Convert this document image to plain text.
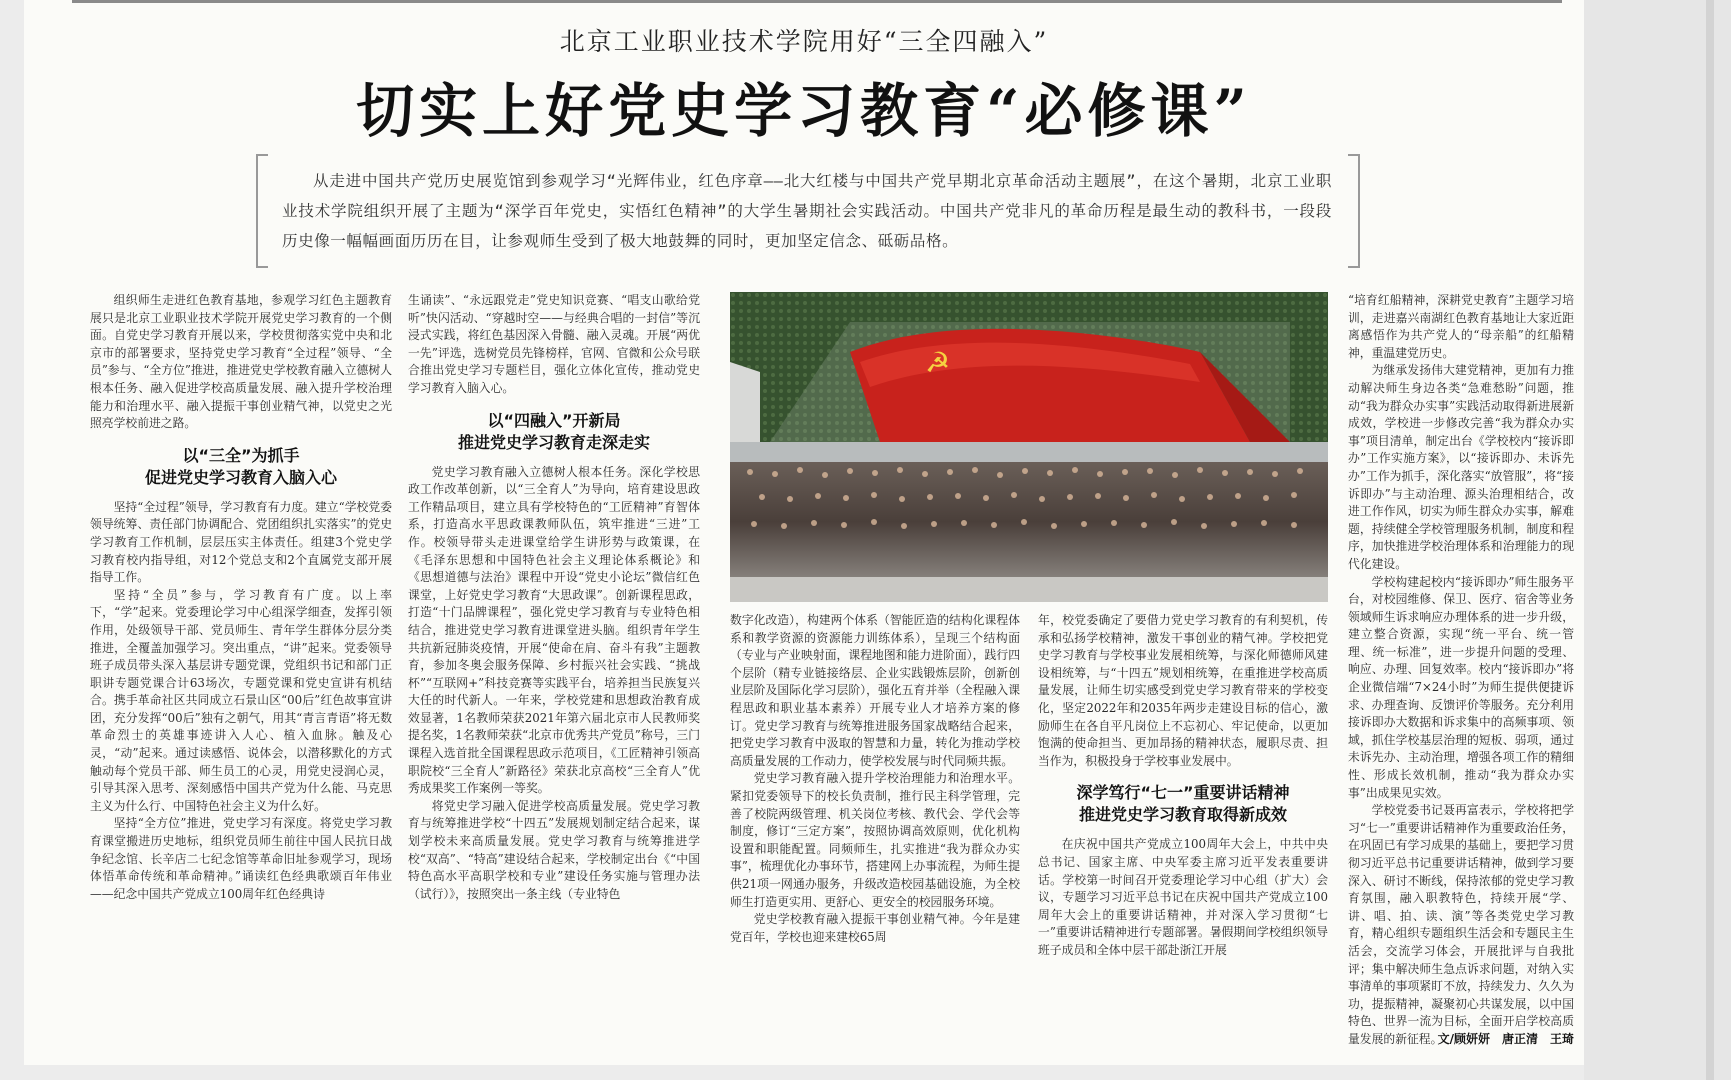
北京工业职业技术学院用好“三全四融入”
切实上好党史学习教育“必修课”

从走进中国共产党历史展览馆到参观学习“光辉伟业，红色序章——北大红楼与中国共产党早期北京革命活动主题展”，在这个暑期，北京工业职业技术学院组织开展了主题为“深学百年党史，实悟红色精神”的大学生暑期社会实践活动。中国共产党非凡的革命历程是最生动的教科书，一段段历史像一幅幅画面历历在目，让参观师生受到了极大地鼓舞的同时，更加坚定信念、砥砺品格。

组织师生走进红色教育基地，参观学习红色主题教育展只是北京工业职业技术学院开展党史学习教育的一个侧面。自党史学习教育开展以来，学校贯彻落实党中央和北京市的部署要求，坚持党史学习教育“全过程”领导、“全员”参与、“全方位”推进，推进党史学校教育融入立德树人根本任务、融入促进学校高质量发展、融入提升学校治理能力和治理水平、融入提振干事创业精气神，以党史之光照亮学校前进之路。

以“三全”为抓手
促进党史学习教育入脑入心

坚持“全过程”领导，学习教育有力度。建立“学校党委领导统筹、责任部门协调配合、党团组织扎实落实”的党史学习教育工作机制，层层压实主体责任。组建3个党史学习教育校内指导组，对12个党总支和2个直属党支部开展指导工作。

坚持“全员”参与，学习教育有广度。以上率下，“学”起来。党委理论学习中心组深学细查，发挥引领作用，处级领导干部、党员师生、青年学生群体分层分类推进，全覆盖加强学习。突出重点，“讲”起来。党委领导班子成员带头深入基层讲专题党课，党组织书记和部门正职讲专题党课合计63场次，专题党课和党史宣讲有机结合。携手革命社区共同成立石景山区“00后”红色故事宣讲团，充分发挥“00后”独有之朝气，用其“青言青语”将无数革命烈士的英雄事迹讲入人心、植入血脉。触及心灵，“动”起来。通过读感悟、说体会，以潜移默化的方式触动每个党员干部、师生员工的心灵，用党史浸润心灵，引导其深入思考、深刻感悟中国共产党为什么能、马克思主义为什么行、中国特色社会主义为什么好。

坚持“全方位”推进，党史学习有深度。将党史学习教育课堂搬进历史地标，组织党员师生前往中国人民抗日战争纪念馆、长辛店二七纪念馆等革命旧址参观学习，现场体悟革命传统和革命精神。”诵读红色经典歌颂百年伟业——纪念中国共产党成立100周年红色经典诗

生诵读”、“永远跟党走”党史知识竞赛、“唱支山歌给党听”快闪活动、“穿越时空——与经典合唱的一封信”等沉浸式实践，将红色基因深入骨髓、融入灵魂。开展“两优一先”评选，选树党员先锋榜样，官网、官微和公众号联合推出党史学习专题栏目，强化立体化宣传，推动党史学习教育入脑入心。

以“四融入”开新局
推进党史学习教育走深走实

党史学习教育融入立德树人根本任务。深化学校思政工作改革创新，以“三全育人”为导向，培育建设思政工作精品项目，建立具有学校特色的“工匠精神”育智体系，打造高水平思政课教师队伍，筑牢推进“三进”工作。校领导带头走进课堂给学生讲形势与政策课，在《毛泽东思想和中国特色社会主义理论体系概论》和《思想道德与法治》课程中开设“党史小论坛”微信红色课堂，上好党史学习教育“大思政课”。创新课程思政，打造“十门品牌课程”，强化党史学习教育与专业特色相结合，推进党史学习教育进课堂进头脑。组织青年学生共抗新冠肺炎疫情，开展“使命在肩、奋斗有我”主题教育，参加冬奥会服务保障、乡村振兴社会实践、“挑战杯”“互联网+”科技竞赛等实践平台，培养担当民族复兴大任的时代新人。一年来，学校党建和思想政治教育成效显著，1名教师荣获2021年第六届北京市人民教师奖提名奖，1名教师荣获“北京市优秀共产党员”称号，三门课程入选首批全国课程思政示范项目，《工匠精神引领高职院校“三全育人”新路径》荣获北京高校“三全育人”优秀成果奖工作案例一等奖。

将党史学习融入促进学校高质量发展。党史学习教育与统筹推进学校“十四五”发展规划制定结合起来，谋划学校未来高质量发展。党史学习教育与统筹推进学校“双高”、“特高”建设结合起来，学校制定出台《“中国特色高水平高职学校和专业”建设任务实施与管理办法（试行）》，按照突出一条主线（专业特色

☭

数字化改造），构建两个体系（智能匠造的结构化课程体系和教学资源的资源能力训练体系），呈现三个结构面（专业与产业映射面，课程地图和能力进阶面），践行四个层阶（精专业链接络层、企业实践锻炼层阶，创新创业层阶及国际化学习层阶），强化五育并举（全程融入课程思政和职业基本素养）开展专业人才培养方案的修订。党史学习教育与统筹推进服务国家战略结合起来，把党史学习教育中汲取的智慧和力量，转化为推动学校高质量发展的工作动力，使学校发展与时代同频共振。

党史学习教育融入提升学校治理能力和治理水平。紧扣党委领导下的校长负责制，推行民主科学管理，完善了校院两级管理、机关岗位考核、教代会、学代会等制度，修订“三定方案”，按照协调高效原则，优化机构设置和职能配置。同频师生，扎实推进“我为群众办实事”，梳理优化办事环节，搭建网上办事流程，为师生提供21项一网通办服务，升级改造校园基础设施，为全校师生打造更实用、更舒心、更安全的校园服务环境。

党史学校教育融入提振干事创业精气神。今年是建党百年，学校也迎来建校65周

年，校党委确定了要借力党史学习教育的有利契机，传承和弘扬学校精神，激发干事创业的精气神。学校把党史学习教育与学校事业发展相统筹，与深化师德师风建设相统筹，与“十四五”规划相统筹，在重推进学校高质量发展，让师生切实感受到党史学习教育带来的学校变化，坚定2022年和2035年两步走建设目标的信心，激励师生在各自平凡岗位上不忘初心、牢记使命，以更加饱满的使命担当、更加昂扬的精神状态，履职尽责、担当作为，积极投身于学校事业发展中。

深学笃行“七一”重要讲话精神
推进党史学习教育取得新成效

在庆祝中国共产党成立100周年大会上，中共中央总书记、国家主席、中央军委主席习近平发表重要讲话。学校第一时间召开党委理论学习中心组（扩大）会议，专题学习习近平总书记在庆祝中国共产党成立100周年大会上的重要讲话精神，并对深入学习贯彻“七一”重要讲话精神进行专题部署。暑假期间学校组织领导班子成员和全体中层干部赴浙江开展

“培育红船精神，深耕党史教育”主题学习培训，走进嘉兴南湖红色教育基地让大家近距离感悟作为共产党人的“母亲船”的红船精神，重温建党历史。

为继承发扬伟大建党精神，更加有力推动解决师生身边各类“急难愁盼”问题，推动“我为群众办实事”实践活动取得新进展新成效，学校进一步修改完善“我为群众办实事”项目清单，制定出台《学校校内“接诉即办”工作实施方案》，以“接诉即办、未诉先办”工作为抓手，深化落实“放管服”，将“接诉即办”与主动治理、源头治理相结合，改进工作作风，切实为师生群众办实事，解难题，持续健全学校管理服务机制，制度和程序，加快推进学校治理体系和治理能力的现代化建设。

学校构建起校内“接诉即办”师生服务平台，对校园维修、保卫、医疗、宿舍等业务领域师生诉求响应办理体系的进一步升级，建立整合资源，实现“统一平台、统一管理、统一标准”，进一步提升问题的受理、响应、办理、回复效率。校内“接诉即办”将企业微信端“7×24小时”为师生提供便捷诉求、办理查询、反馈评价等服务。充分利用接诉即办大数据和诉求集中的高频事项、领域，抓住学校基层治理的短板、弱项，通过未诉先办、主动治理，增强各项工作的精细性、形成长效机制，推动“我为群众办实事”出成果见实效。

学校党委书记聂再富表示，学校将把学习“七一”重要讲话精神作为重要政治任务，在巩固已有学习成果的基础上，要把学习贯彻习近平总书记重要讲话精神，做到学习要深入、研讨不断线，保持浓郁的党史学习教育氛围，融入职教特色，持续开展“学、讲、唱、拍、读、演”等各类党史学习教育，精心组织专题组织生活会和专题民主生活会，交流学习体会，开展批评与自我批评；集中解决师生急点诉求问题，对纳入实事清单的事项紧盯不放，持续发力、久久为功，提振精神，凝聚初心共谋发展，以中国特色、世界一流为目标，全面开启学校高质量发展的新征程。

文/顾妍妍　唐正清　王琦
